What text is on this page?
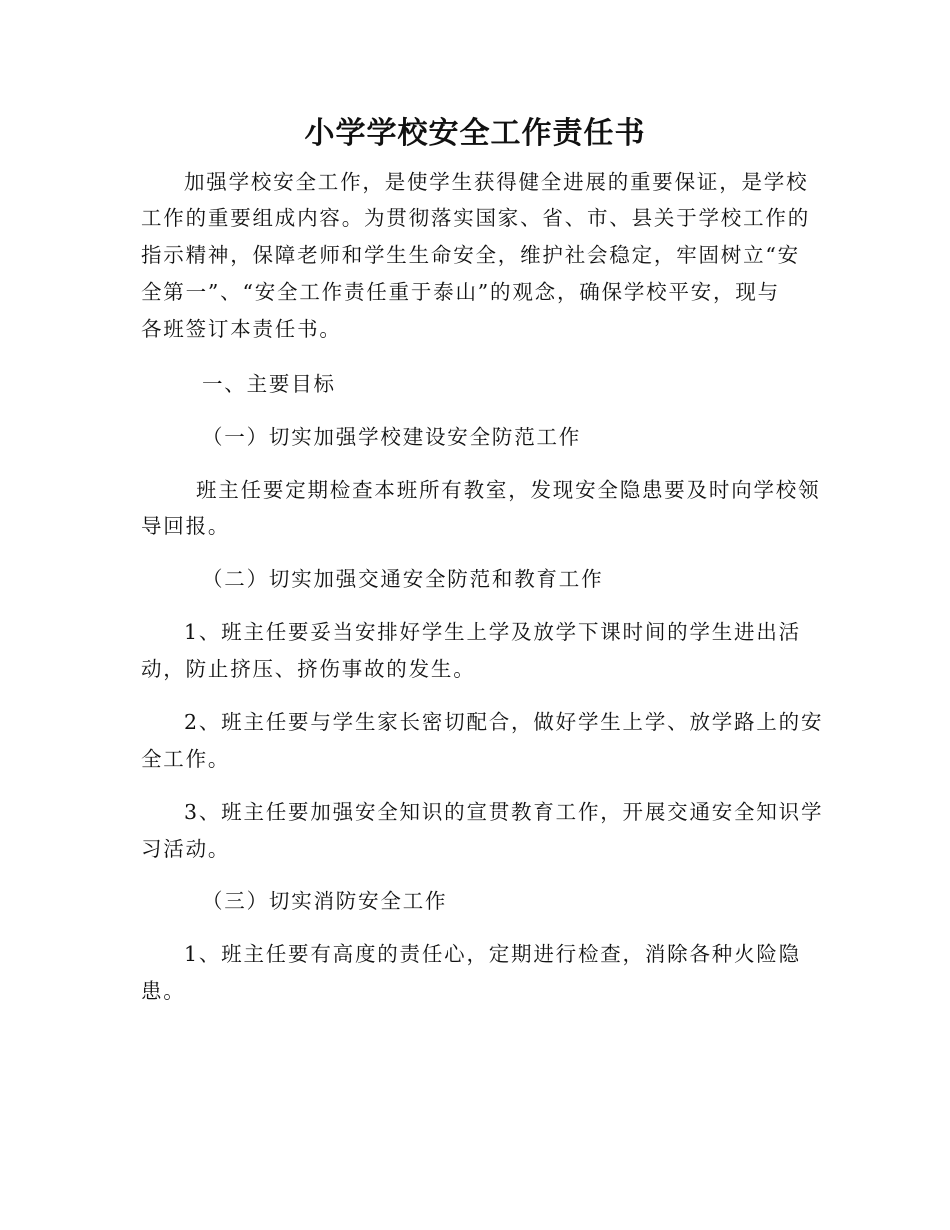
小学学校安全工作责任书
加强学校安全工作，是使学生获得健全进展的重要保证，是学校
工作的重要组成内容。为贯彻落实国家、省、市、县关于学校工作的
指示精神，保障老师和学生生命安全，维护社会稳定，牢固树立“安
全第一”、“安全工作责任重于泰山”的观念，确保学校平安，现与
各班签订本责任书。
一、主要目标
（一）切实加强学校建设安全防范工作
班主任要定期检查本班所有教室，发现安全隐患要及时向学校领
导回报。
（二）切实加强交通安全防范和教育工作
1、班主任要妥当安排好学生上学及放学下课时间的学生进出活
动，防止挤压、挤伤事故的发生。
2、班主任要与学生家长密切配合，做好学生上学、放学路上的安
全工作。
3、班主任要加强安全知识的宣贯教育工作，开展交通安全知识学
习活动。
（三）切实消防安全工作
1、班主任要有高度的责任心，定期进行检查，消除各种火险隐
患。
